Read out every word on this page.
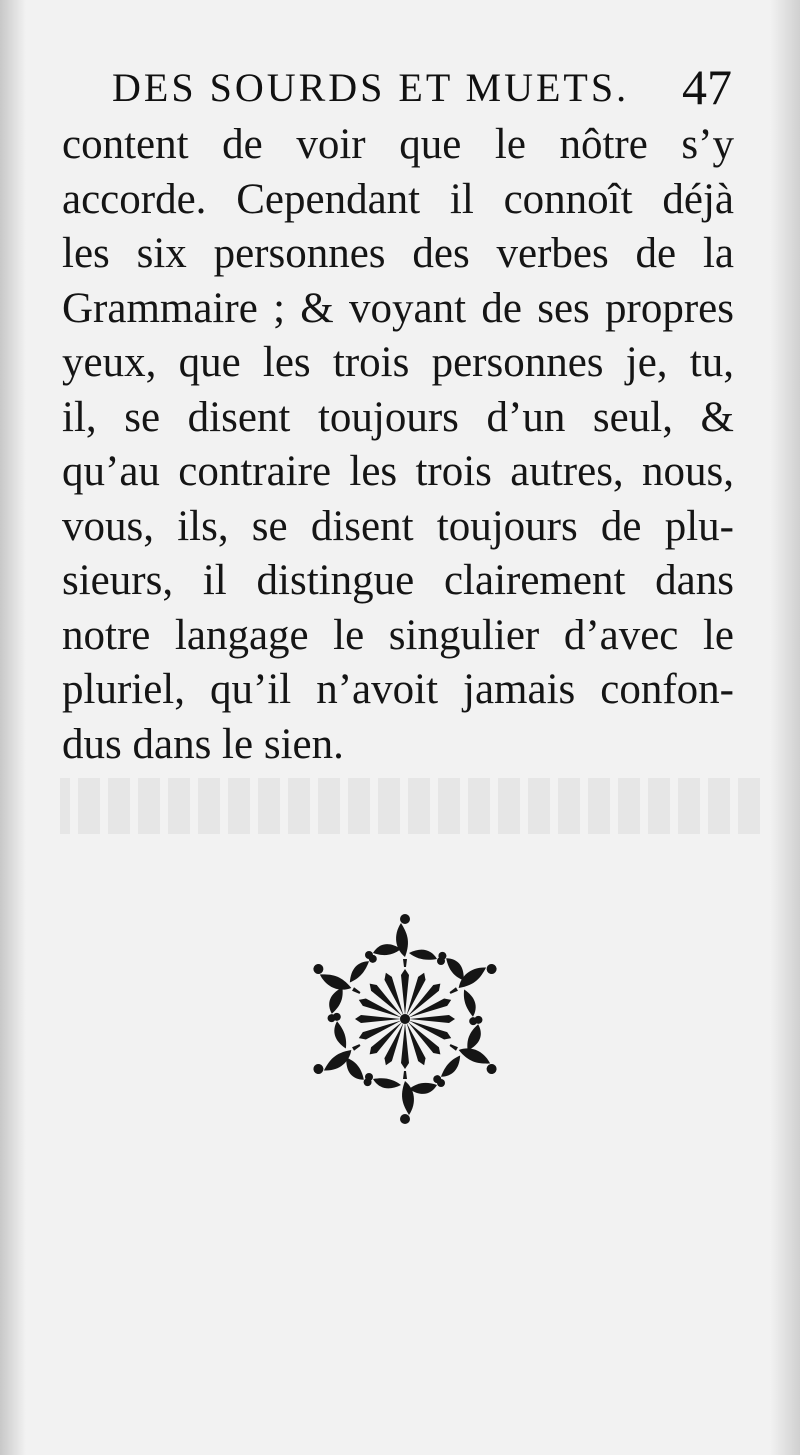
DES SOURDS ET MUETS. 47
content de voir que le nôtre s’y
accorde. Cependant il connoît déjà
les six personnes des verbes de la
Grammaire ; & voyant de ses propres
yeux, que les trois personnes je, tu,
il, se disent toujours d’un seul, &
qu’au contraire les trois autres, nous,
vous, ils, se disent toujours de plu-
sieurs, il distingue clairement dans
notre langage le singulier d’avec le
pluriel, qu’il n’avoit jamais confon-
dus dans le sien.
